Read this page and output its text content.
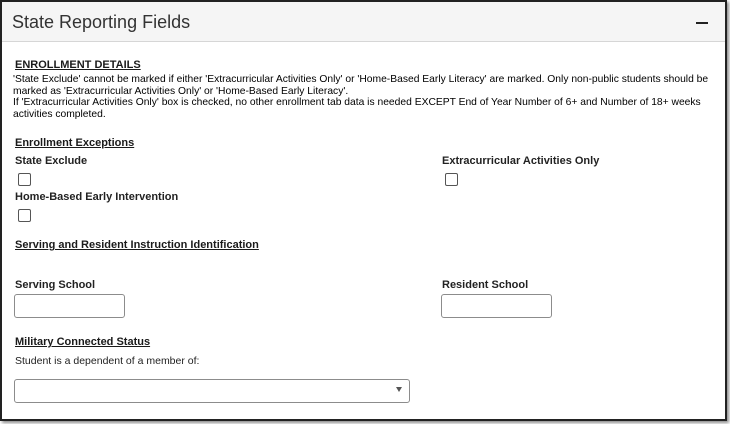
State Reporting Fields
ENROLLMENT DETAILS

'State Exclude' cannot be marked if either 'Extracurricular Activities Only' or 'Home-Based Early Literacy' are marked. Only non-public students should be marked as 'Extracurricular Activities Only' or 'Home-Based Early Literacy'.

If 'Extracurricular Activities Only' box is checked, no other enrollment tab data is needed EXCEPT End of Year Number of 6+ and Number of 18+ weeks activities completed.

Enrollment Exceptions
State Exclude	Extracurricular Activities Only
Home-Based Early Intervention
Serving and Resident Instruction Identification
Serving School	Resident School
Military Connected Status
Student is a dependent of a member of:
